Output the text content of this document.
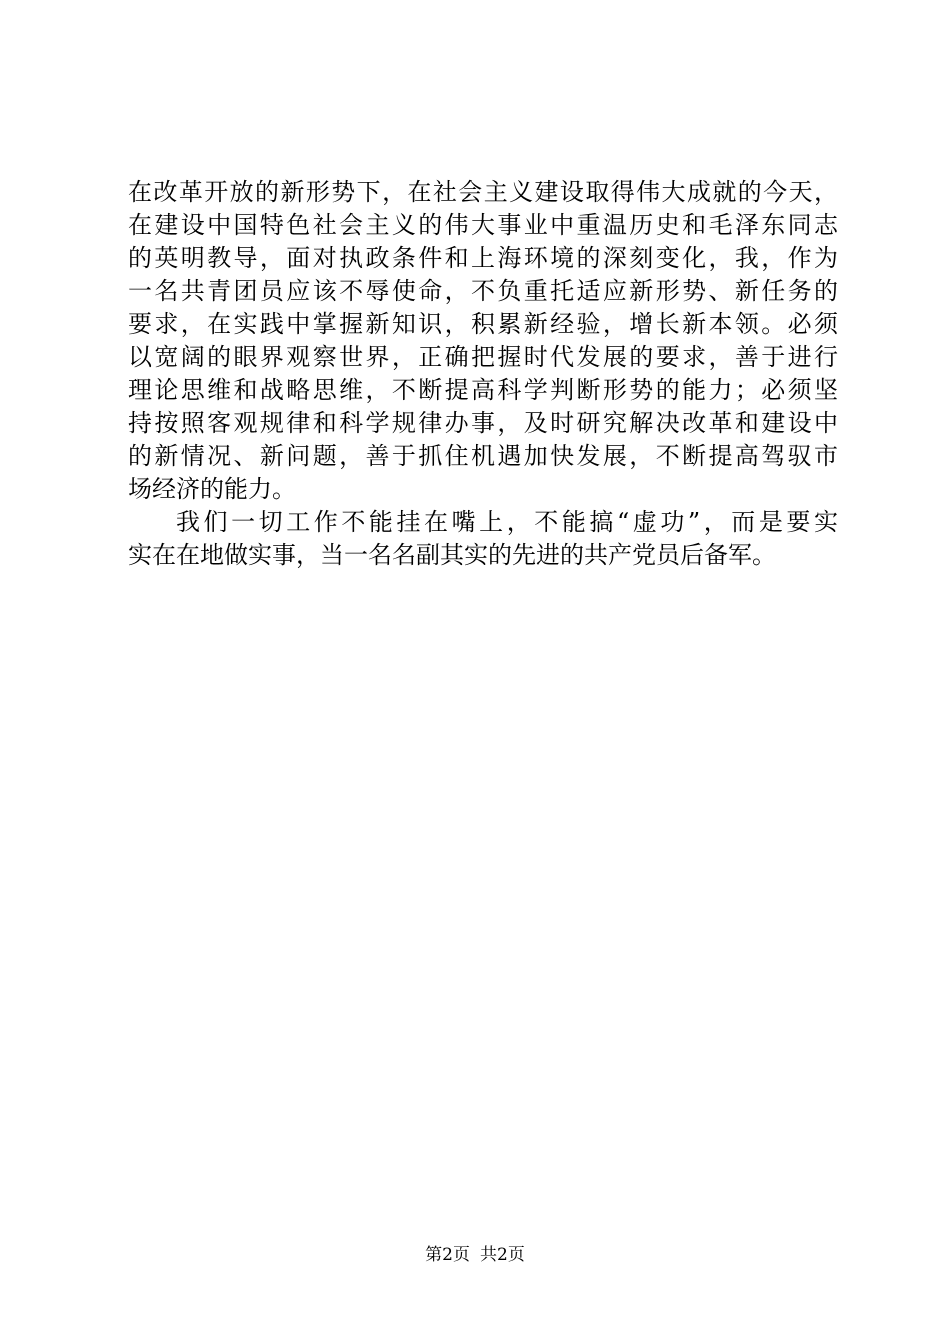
在改革开放的新形势下，在社会主义建设取得伟大成就的今天，
在建设中国特色社会主义的伟大事业中重温历史和毛泽东同志
的英明教导，面对执政条件和上海环境的深刻变化，我，作为
一名共青团员应该不辱使命，不负重托适应新形势、新任务的
要求，在实践中掌握新知识，积累新经验，增长新本领。必须
以宽阔的眼界观察世界，正确把握时代发展的要求，善于进行
理论思维和战略思维，不断提高科学判断形势的能力；必须坚
持按照客观规律和科学规律办事，及时研究解决改革和建设中
的新情况、新问题，善于抓住机遇加快发展，不断提高驾驭市
场经济的能力。
我们一切工作不能挂在嘴上，不能搞“虚功”，而是要实
实在在地做实事，当一名名副其实的先进的共产党员后备军。
第2页 共2页
